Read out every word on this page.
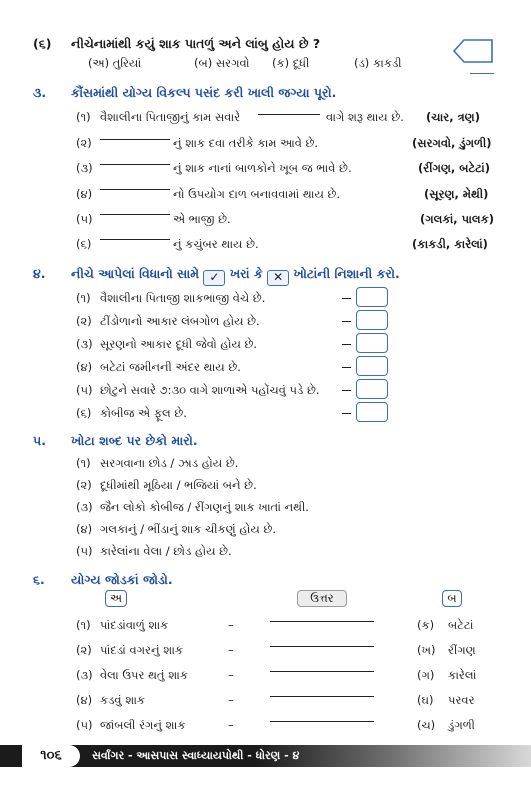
(૬) નીચેનામાંથી કયું શાક પાતળું અને લાંબુ હોય છે ?
(અ) તુરિયાં	(બ) સરગવો (ક) દૂધી	(ડ) કાકડી
૩. કૌંસમાંથી યોગ્ય વિકલ્પ પસંદ કરી ખાલી જગ્યા પૂરો.
(૧) વૈશાલીના પિતાજીનું કામ સવારે	વાગે શરૂ થાય છે. (ચાર, ત્રણ)
(૨)	નું શાક દવા તરીકે કામ આવે છે.	(સરગવો, ડુંગળી)
(૩)	નું શાક નાનાં બાળકોને ખૂબ જ ભાવે છે.	(રીંગણ, બટેટાં)
(૪)	નો ઉપયોગ દાળ બનાવવામાં થાય છે.	(સૂરણ, મેથી)
(૫)	એ ભાજી છે.	(ગલકાં, પાલક)
(૬)	નું કચુંબર થાય છે.	(કાકડી, કારેલાં)
૪. નીચે આપેલાં વિધાનો સામે ✓ ખરાં કે ✕ ખોટાંની નિશાની કરો.
(૧) વૈશાલીના પિતાજી શાકભાજી વેચે છે.
(૨) ટીંડોળાનો આકાર લંબગોળ હોય છે.
(૩) સૂરણનો આકાર દૂધી જેવો હોય છે.
(૪) બટેટાં જમીનની અંદર થાય છે.
(૫) છોટુને સવારે ૭:૩૦ વાગે શાળાએ પહોંચવું પડે છે.
(૬) કોબીજ એ ફૂલ છે.
૫. ખોટા શબ્દ પર છેકો મારો.
(૧) સરગવાના છોડ / ઝાડ હોય છે.
(૨) દૂધીમાંથી મૂઠિયા / ભજિયાં બને છે.
(૩) જૈન લોકો કોબીજ / રીંગણનું શાક ખાતાં નથી.
(૪) ગલકાનું / ભીંડાનું શાક ચીકણું હોય છે.
(૫) કારેલાંના વેલા / છોડ હોય છે.
૬. યોગ્ય જોડકાં જોડો.
અ	ઉત્તર	બ
(૧) પાંદડાંવાળું શાક	–	(ક) બટેટાં
(૨) પાંદડાં વગરનું શાક	–	(ખ) રીંગણ
(૩) વેલા ઉપર થતું શાક	–	(ગ) કારેલાં
(૪) કડવું શાક	–	(ઘ) પરવર
(૫) જાંબલી રંગનું શાક	–	(ચ) ડુંગળી
૧૦૬	સર્વાંગર - આસપાસ સ્વાધ્યાયપોથી - ધોરણ - ૪
